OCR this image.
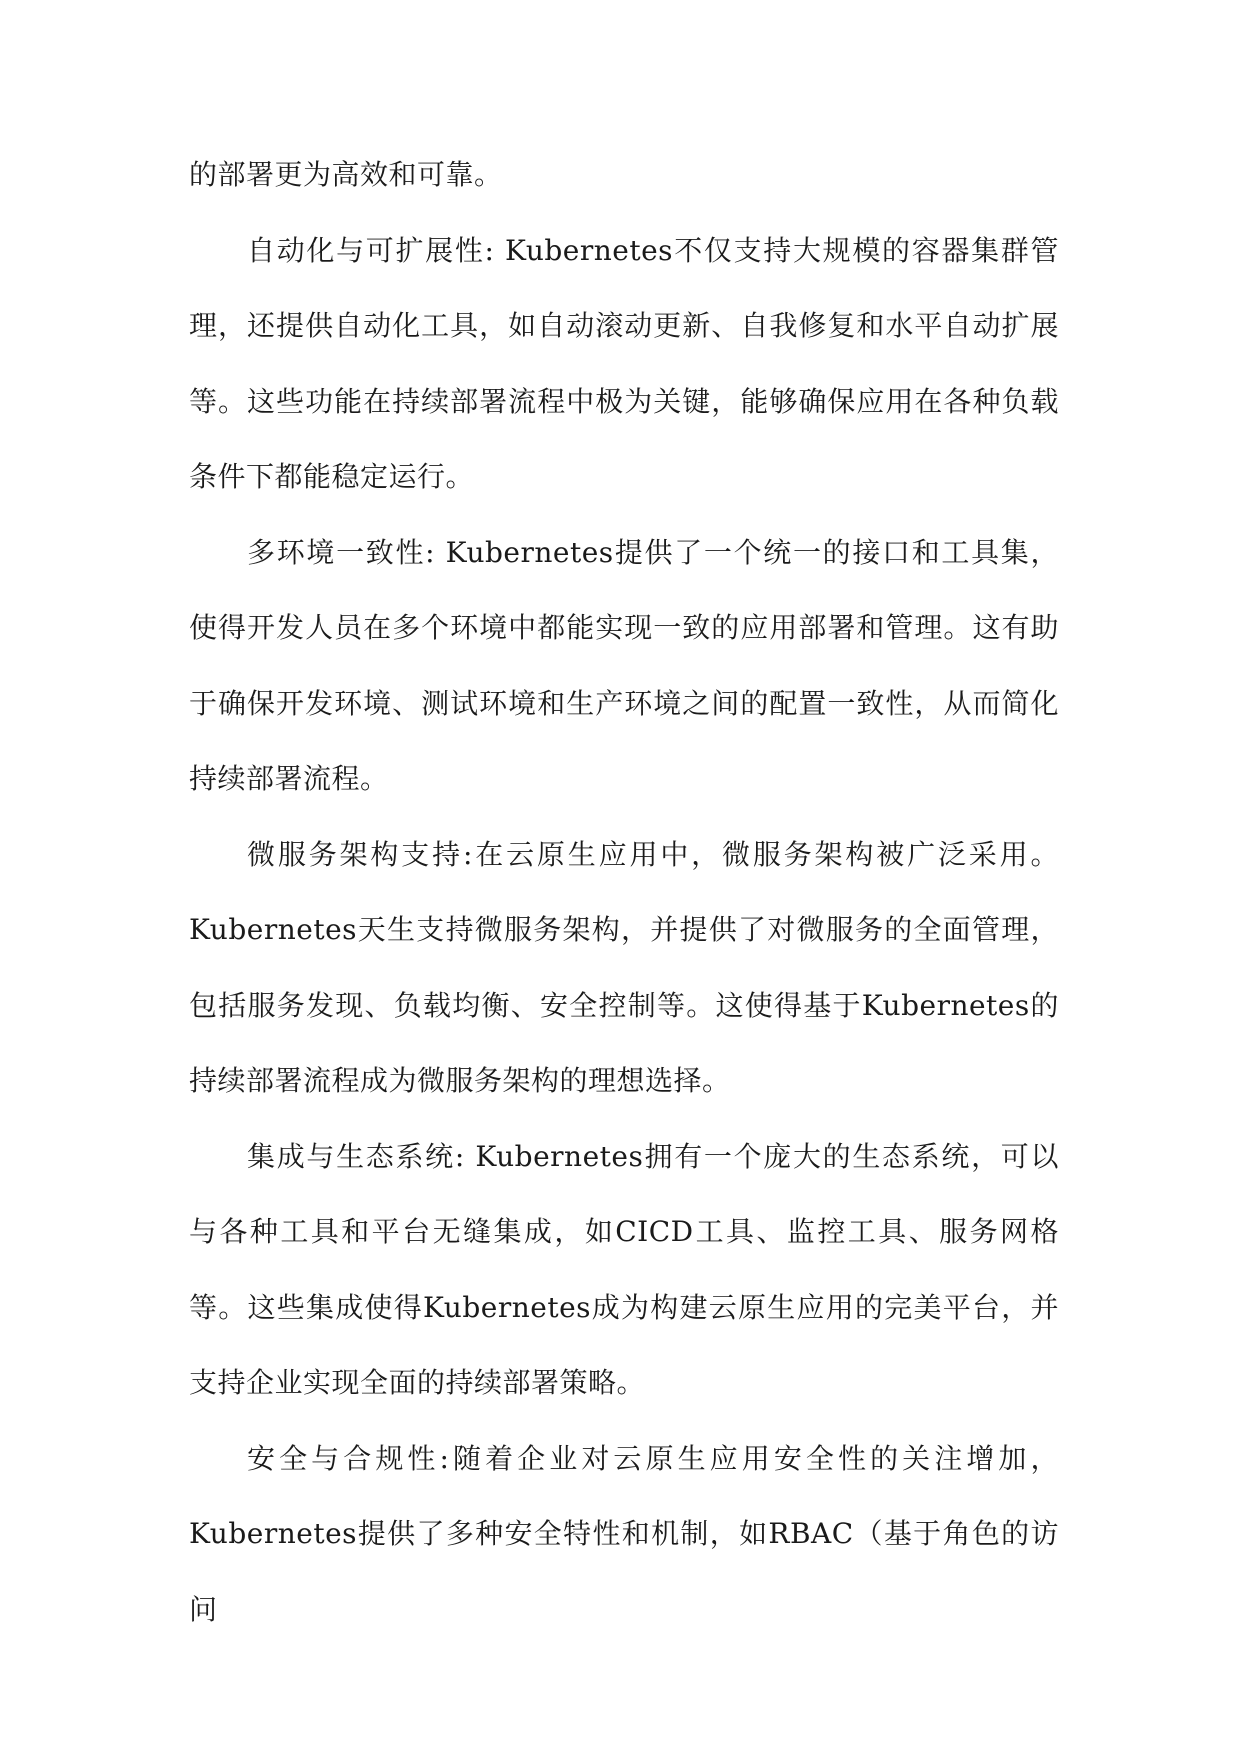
的部署更为高效和可靠。

自动化与可扩展性: Kubernetes不仅支持大规模的容器集群管理，还提供自动化工具，如自动滚动更新、自我修复和水平自动扩展等。这些功能在持续部署流程中极为关键，能够确保应用在各种负载条件下都能稳定运行。

多环境一致性: Kubernetes提供了一个统一的接口和工具集，使得开发人员在多个环境中都能实现一致的应用部署和管理。这有助于确保开发环境、测试环境和生产环境之间的配置一致性，从而简化持续部署流程。

微服务架构支持:在云原生应用中，微服务架构被广泛采用。Kubernetes天生支持微服务架构，并提供了对微服务的全面管理，包括服务发现、负载均衡、安全控制等。这使得基于Kubernetes的持续部署流程成为微服务架构的理想选择。

集成与生态系统: Kubernetes拥有一个庞大的生态系统，可以与各种工具和平台无缝集成，如CICD工具、监控工具、服务网格等。这些集成使得Kubernetes成为构建云原生应用的完美平台，并支持企业实现全面的持续部署策略。

安全与合规性:随着企业对云原生应用安全性的关注增加，Kubernetes提供了多种安全特性和机制，如RBAC（基于角色的访问
